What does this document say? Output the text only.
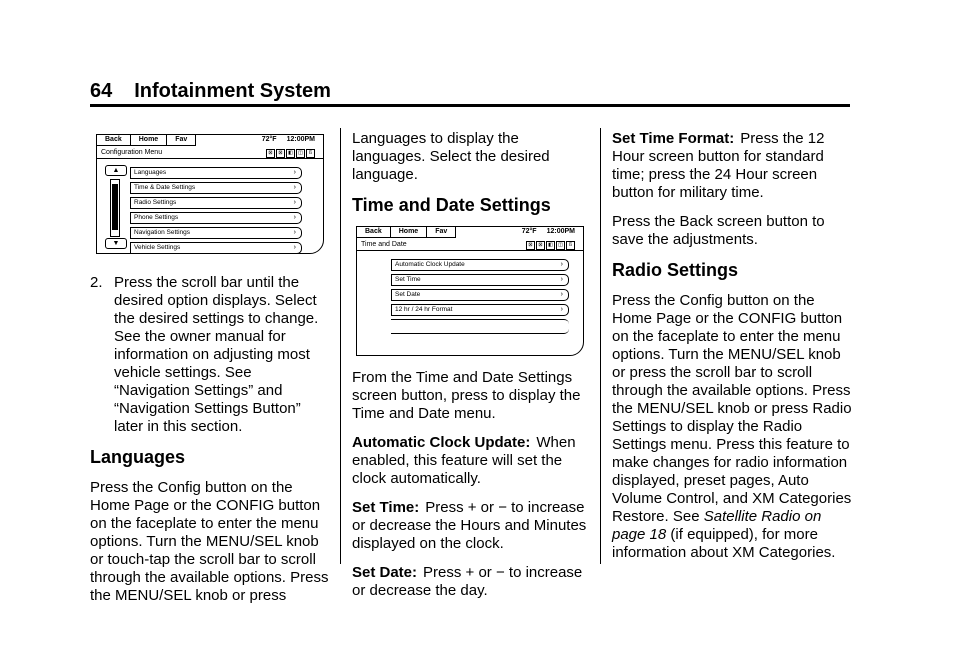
64 Infotainment System
Back	Home	Fav	72°F 12:00PM
Configuration Menu	⊠	⊠	◧	◫	ß
▲
▼
Languages	›
Time & Date Settings	›
Radio Settings	›
Phone Settings	›
Navigation Settings	›
Vehicle Settings	›
2. Press the scroll bar until the desired option displays. Select the desired settings to change. See the owner manual for information on adjusting most vehicle settings. See “Navigation Settings” and “Navigation Settings Button” later in this section.
Languages

Press the Config button on the Home Page or the CONFIG button on the faceplate to enter the menu options. Turn the MENU/SEL knob or touch-tap the scroll bar to scroll through the available options. Press the MENU/SEL knob or press

Languages to display the languages. Select the desired language.

Time and Date Settings
Back	Home	Fav	72°F 12:00PM
Time and Date	⊠	⊠	◧	◫	ß
Automatic Clock Update	›
Set Time	›
Set Date	›
12 hr / 24 hr Format	›

From the Time and Date Settings screen button, press to display the Time and Date menu.

Automatic Clock Update: When enabled, this feature will set the clock automatically.

Set Time: Press + or − to increase or decrease the Hours and Minutes displayed on the clock.

Set Date: Press + or − to increase or decrease the day.

Set Time Format: Press the 12 Hour screen button for standard time; press the 24 Hour screen button for military time.

Press the Back screen button to save the adjustments.

Radio Settings

Press the Config button on the Home Page or the CONFIG button on the faceplate to enter the menu options. Turn the MENU/SEL knob or press the scroll bar to scroll through the available options. Press the MENU/SEL knob or press Radio Settings to display the Radio Settings menu. Press this feature to make changes for radio information displayed, preset pages, Auto Volume Control, and XM Categories Restore. See Satellite Radio on page 18 (if equipped), for more information about XM Categories.
